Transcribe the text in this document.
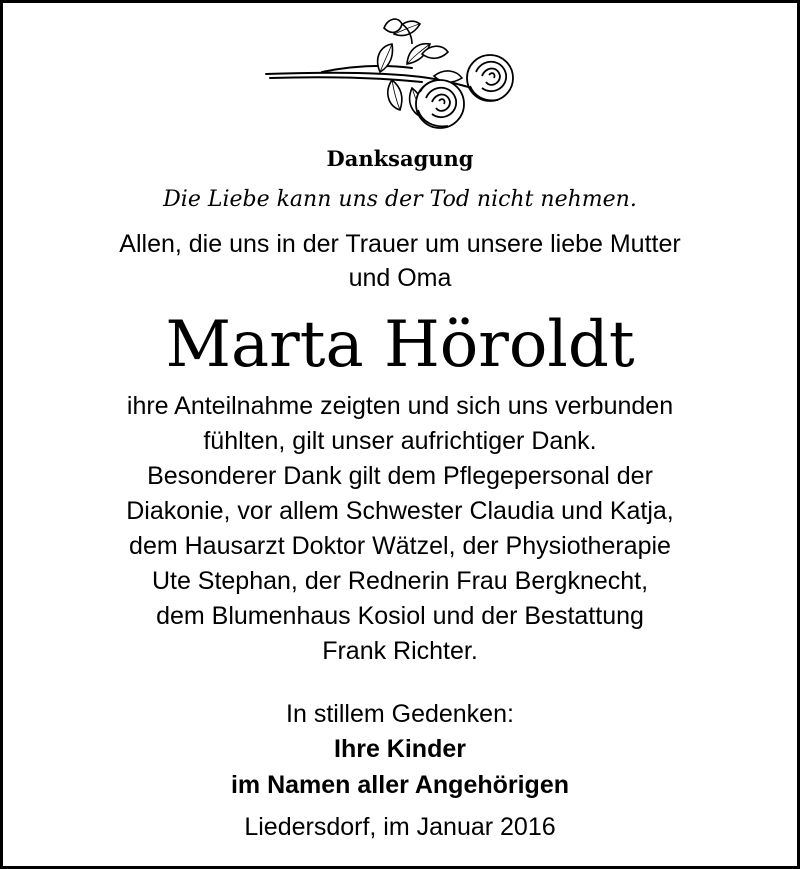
Danksagung
Die Liebe kann uns der Tod nicht nehmen.
Allen, die uns in der Trauer um unsere liebe Mutter
und Oma
Marta Höroldt
ihre Anteilnahme zeigten und sich uns verbunden
fühlten, gilt unser aufrichtiger Dank.
Besonderer Dank gilt dem Pflegepersonal der
Diakonie, vor allem Schwester Claudia und Katja,
dem Hausarzt Doktor Wätzel, der Physiotherapie
Ute Stephan, der Rednerin Frau Bergknecht,
dem Blumenhaus Kosiol und der Bestattung
Frank Richter.
In stillem Gedenken:
Ihre Kinder
im Namen aller Angehörigen
Liedersdorf, im Januar 2016
